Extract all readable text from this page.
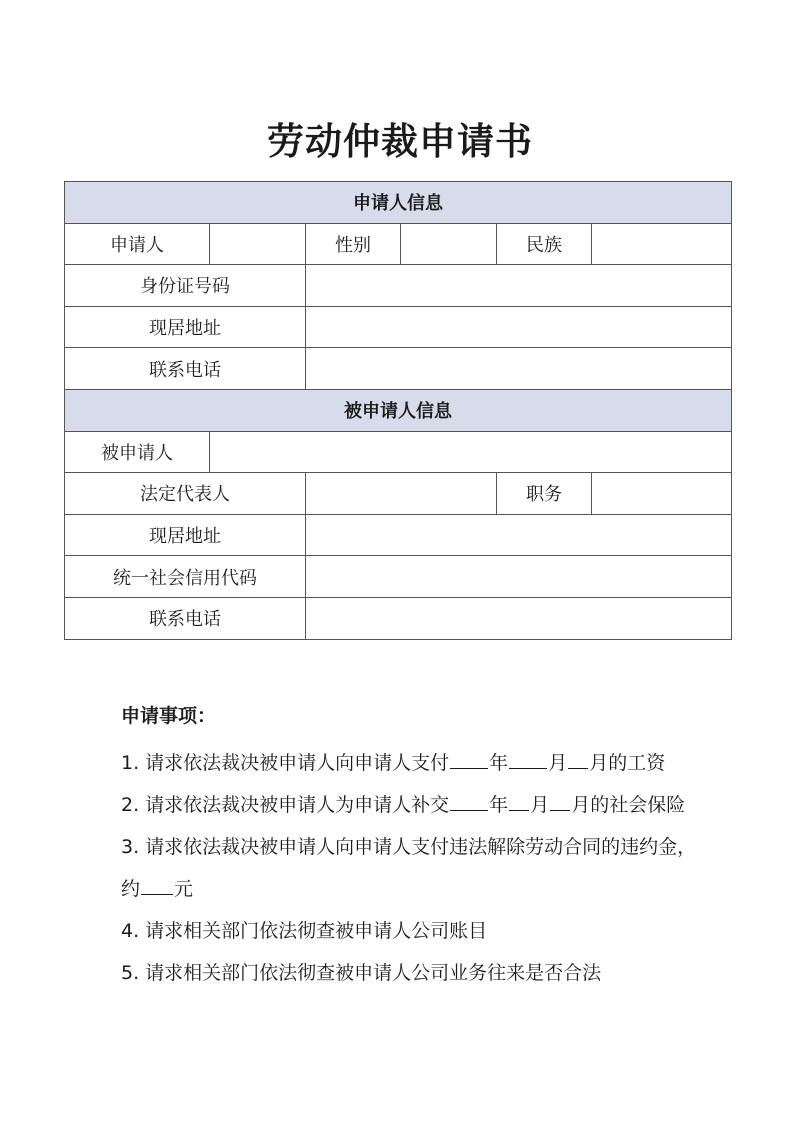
劳动仲裁申请书
申请人信息					
申请人		性别		民族	
身份证号码					
现居地址					
联系电话					
被申请人信息					
被申请人					
法定代表人				职务	
现居地址					
统一社会信用代码					
联系电话					
申请事项：
1. 请求依法裁决被申请人向申请人支付 年 月 月的工资
2. 请求依法裁决被申请人为申请人补交 年 月 月的社会保险
3. 请求依法裁决被申请人向申请人支付违法解除劳动合同的违约金，约 元
4. 请求相关部门依法彻查被申请人公司账目
5. 请求相关部门依法彻查被申请人公司业务往来是否合法
